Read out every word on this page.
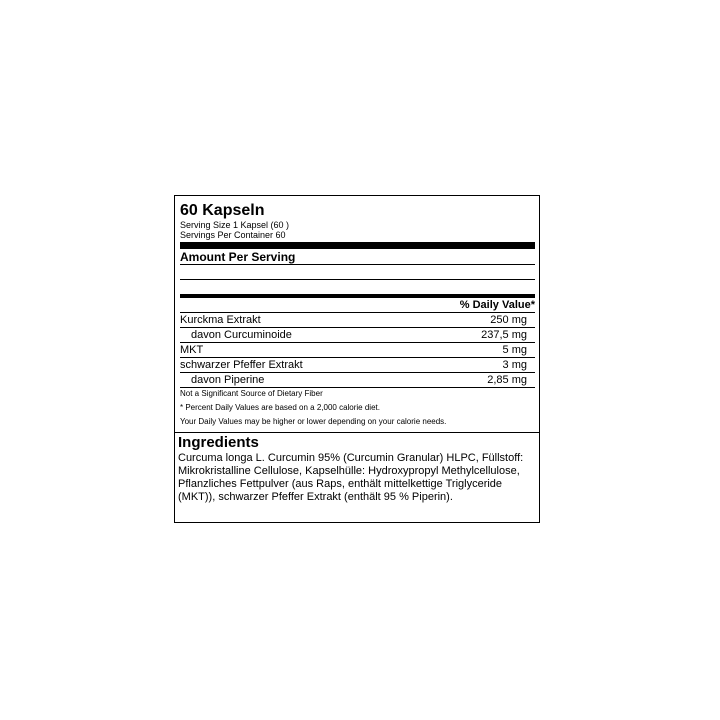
60 Kapseln
Serving Size 1 Kapsel (60 )
Servings Per Container 60
Amount Per Serving
% Daily Value*
Kurckma Extrakt	250 mg
davon Curcuminoide	237,5 mg
MKT	5 mg
schwarzer Pfeffer Extrakt	3 mg
davon Piperine	2,85 mg
Not a Significant Source of Dietary Fiber
* Percent Daily Values are based on a 2,000 calorie diet.
Your Daily Values may be higher or lower depending on your calorie needs.
Ingredients
Curcuma longa L. Curcumin 95% (Curcumin Granular) HLPC, Füllstoff: Mikrokristalline Cellulose, Kapselhülle: Hydroxypropyl Methylcellulose, Pflanzliches Fettpulver (aus Raps, enthält mittelkettige Triglyceride (MKT)), schwarzer Pfeffer Extrakt (enthält 95 % Piperin).
